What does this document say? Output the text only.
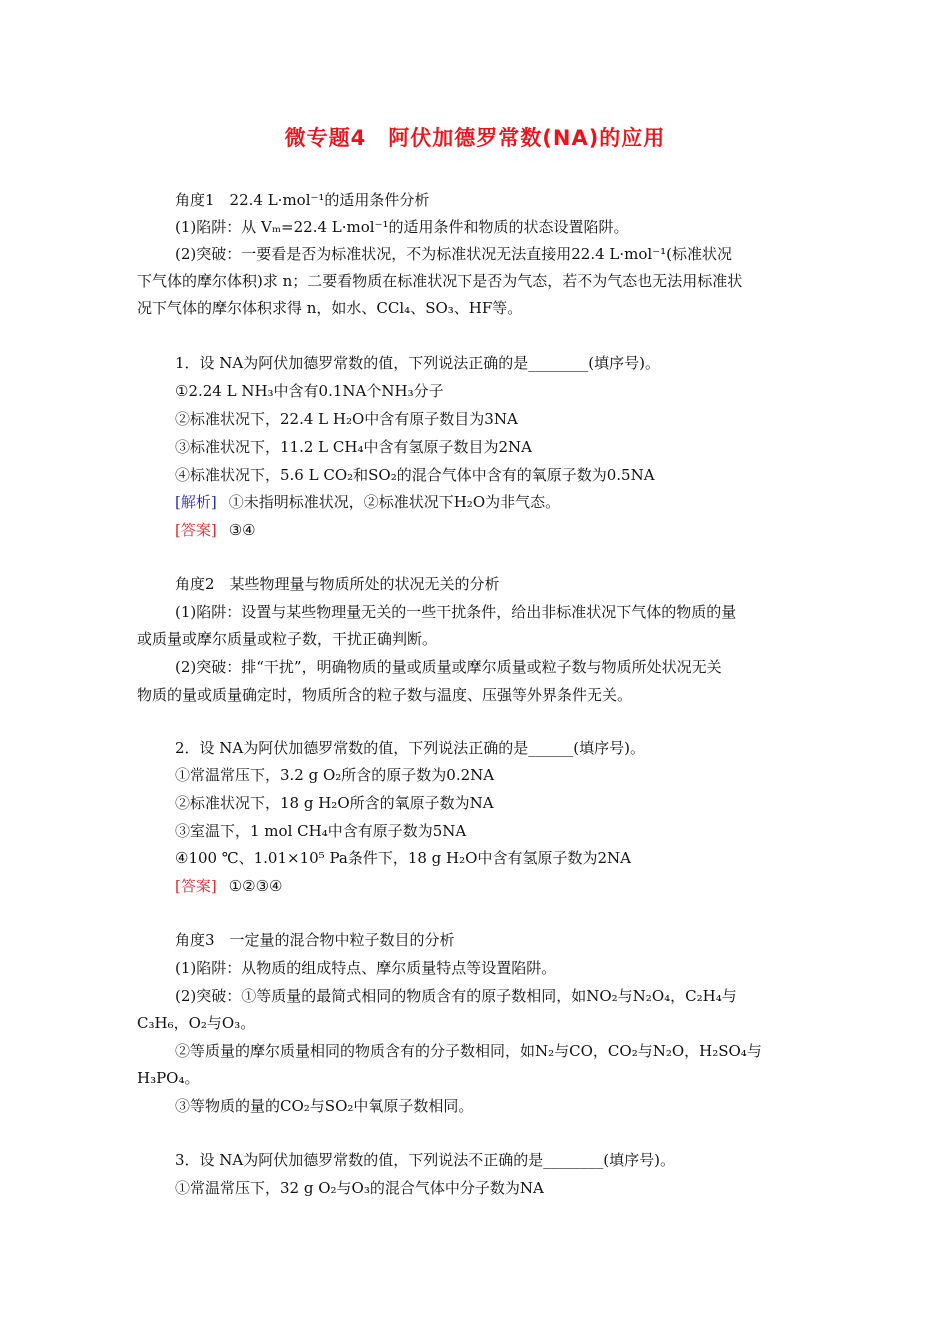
微专题4　阿伏加德罗常数(NA)的应用
角度1　22.4 L·mol⁻¹的适用条件分析
(1)陷阱：从 Vₘ=22.4 L·mol⁻¹的适用条件和物质的状态设置陷阱。
(2)突破：一要看是否为标准状况，不为标准状况无法直接用22.4 L·mol⁻¹(标准状况
下气体的摩尔体积)求 n；二要看物质在标准状况下是否为气态，若不为气态也无法用标准状
况下气体的摩尔体积求得 n，如水、CCl₄、SO₃、HF等。
1．设 NA为阿伏加德罗常数的值，下列说法正确的是________(填序号)。
①2.24 L NH₃中含有0.1NA个NH₃分子
②标准状况下，22.4 L H₂O中含有原子数目为3NA
③标准状况下，11.2 L CH₄中含有氢原子数目为2NA
④标准状况下，5.6 L CO₂和SO₂的混合气体中含有的氧原子数为0.5NA
[解析] ①未指明标准状况，②标准状况下H₂O为非气态。
[答案] ③④
角度2　某些物理量与物质所处的状况无关的分析
(1)陷阱：设置与某些物理量无关的一些干扰条件，给出非标准状况下气体的物质的量
或质量或摩尔质量或粒子数，干扰正确判断。
(2)突破：排“干扰”，明确物质的量或质量或摩尔质量或粒子数与物质所处状况无关
物质的量或质量确定时，物质所含的粒子数与温度、压强等外界条件无关。
2．设 NA为阿伏加德罗常数的值，下列说法正确的是______(填序号)。
①常温常压下，3.2 g O₂所含的原子数为0.2NA
②标准状况下，18 g H₂O所含的氧原子数为NA
③室温下，1 mol CH₄中含有原子数为5NA
④100 ℃、1.01×10⁵ Pa条件下，18 g H₂O中含有氢原子数为2NA
[答案] ①②③④
角度3　一定量的混合物中粒子数目的分析
(1)陷阱：从物质的组成特点、摩尔质量特点等设置陷阱。
(2)突破：①等质量的最简式相同的物质含有的原子数相同，如NO₂与N₂O₄，C₂H₄与
C₃H₆，O₂与O₃。
②等质量的摩尔质量相同的物质含有的分子数相同，如N₂与CO，CO₂与N₂O，H₂SO₄与
H₃PO₄。
③等物质的量的CO₂与SO₂中氧原子数相同。
3．设 NA为阿伏加德罗常数的值，下列说法不正确的是________(填序号)。
①常温常压下，32 g O₂与O₃的混合气体中分子数为NA
